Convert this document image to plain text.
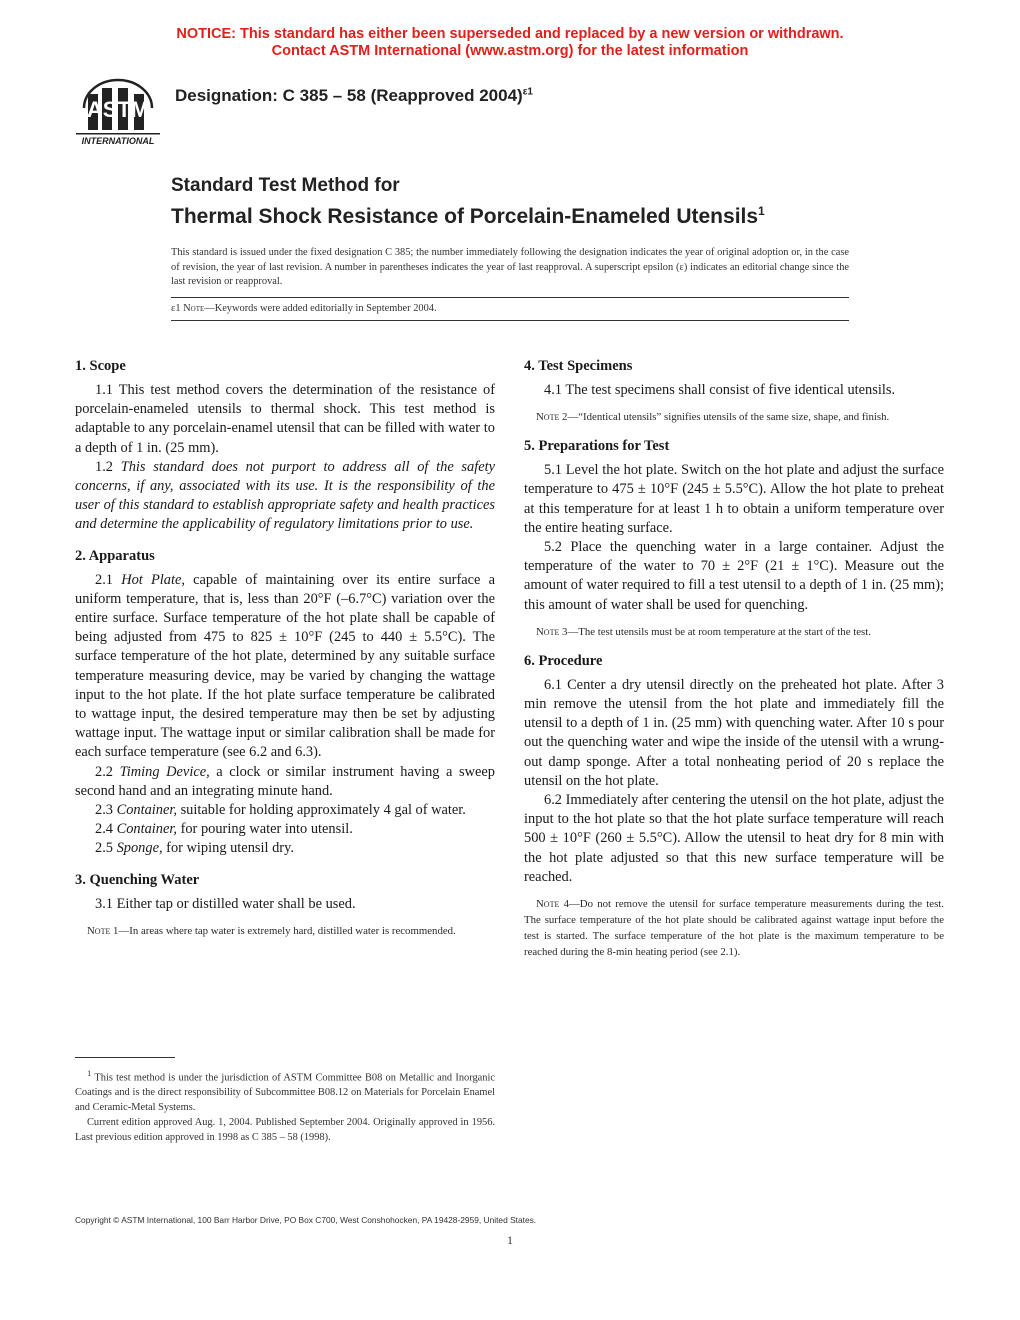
NOTICE: This standard has either been superseded and replaced by a new version or withdrawn.
Contact ASTM International (www.astm.org) for the latest information
ASTM
INTERNATIONAL
Designation: C 385 – 58 (Reapproved 2004)$^{\varepsilon 1}$
Standard Test Method for
Thermal Shock Resistance of Porcelain-Enameled Utensils$^1$
This standard is issued under the fixed designation C 385; the number immediately following the designation indicates the year of original adoption or, in the case of revision, the year of last revision. A number in parentheses indicates the year of last reapproval. A superscript epsilon (ε) indicates an editorial change since the last revision or reapproval.
ε1 Note—Keywords were added editorially in September 2004.
1. Scope

1.1 This test method covers the determination of the resistance of porcelain-enameled utensils to thermal shock. This test method is adaptable to any porcelain-enamel utensil that can be filled with water to a depth of 1 in. (25 mm).

1.2 This standard does not purport to address all of the safety concerns, if any, associated with its use. It is the responsibility of the user of this standard to establish appropriate safety and health practices and determine the applicability of regulatory limitations prior to use.

2. Apparatus

2.1 Hot Plate, capable of maintaining over its entire surface a uniform temperature, that is, less than 20°F (–6.7°C) variation over the entire surface. Surface temperature of the hot plate shall be capable of being adjusted from 475 to 825 ± 10°F (245 to 440 ± 5.5°C). The surface temperature of the hot plate, determined by any suitable surface temperature measuring device, may be varied by changing the wattage input to the hot plate. If the hot plate surface temperature be calibrated to wattage input, the desired temperature may then be set by adjusting wattage input. The wattage input or similar calibration shall be made for each surface temperature (see 6.2 and 6.3).

2.2 Timing Device, a clock or similar instrument having a sweep second hand and an integrating minute hand.

2.3 Container, suitable for holding approximately 4 gal of water.

2.4 Container, for pouring water into utensil.

2.5 Sponge, for wiping utensil dry.

3. Quenching Water

3.1 Either tap or distilled water shall be used.

Note 1—In areas where tap water is extremely hard, distilled water is recommended.

4. Test Specimens

4.1 The test specimens shall consist of five identical utensils.

Note 2—“Identical utensils” signifies utensils of the same size, shape, and finish.

5. Preparations for Test

5.1 Level the hot plate. Switch on the hot plate and adjust the surface temperature to 475 ± 10°F (245 ± 5.5°C). Allow the hot plate to preheat at this temperature for at least 1 h to obtain a uniform temperature over the entire heating surface.

5.2 Place the quenching water in a large container. Adjust the temperature of the water to 70 ± 2°F (21 ± 1°C). Measure out the amount of water required to fill a test utensil to a depth of 1 in. (25 mm); this amount of water shall be used for quenching.

Note 3—The test utensils must be at room temperature at the start of the test.

6. Procedure

6.1 Center a dry utensil directly on the preheated hot plate. After 3 min remove the utensil from the hot plate and immediately fill the utensil to a depth of 1 in. (25 mm) with quenching water. After 10 s pour out the quenching water and wipe the inside of the utensil with a wrung-out damp sponge. After a total nonheating period of 20 s replace the utensil on the hot plate.

6.2 Immediately after centering the utensil on the hot plate, adjust the input to the hot plate so that the hot plate surface temperature will reach 500 ± 10°F (260 ± 5.5°C). Allow the utensil to heat dry for 8 min with the hot plate adjusted so that this new surface temperature will be reached.

Note 4—Do not remove the utensil for surface temperature measurements during the test. The surface temperature of the hot plate should be calibrated against wattage input before the test is started. The surface temperature of the hot plate is the maximum temperature to be reached during the 8-min heating period (see 2.1).

$^1$ This test method is under the jurisdiction of ASTM Committee B08 on Metallic and Inorganic Coatings and is the direct responsibility of Subcommittee B08.12 on Materials for Porcelain Enamel and Ceramic-Metal Systems.

Current edition approved Aug. 1, 2004. Published September 2004. Originally approved in 1956. Last previous edition approved in 1998 as C 385 – 58 (1998).

Copyright © ASTM International, 100 Barr Harbor Drive, PO Box C700, West Conshohocken, PA 19428-2959, United States.
1
